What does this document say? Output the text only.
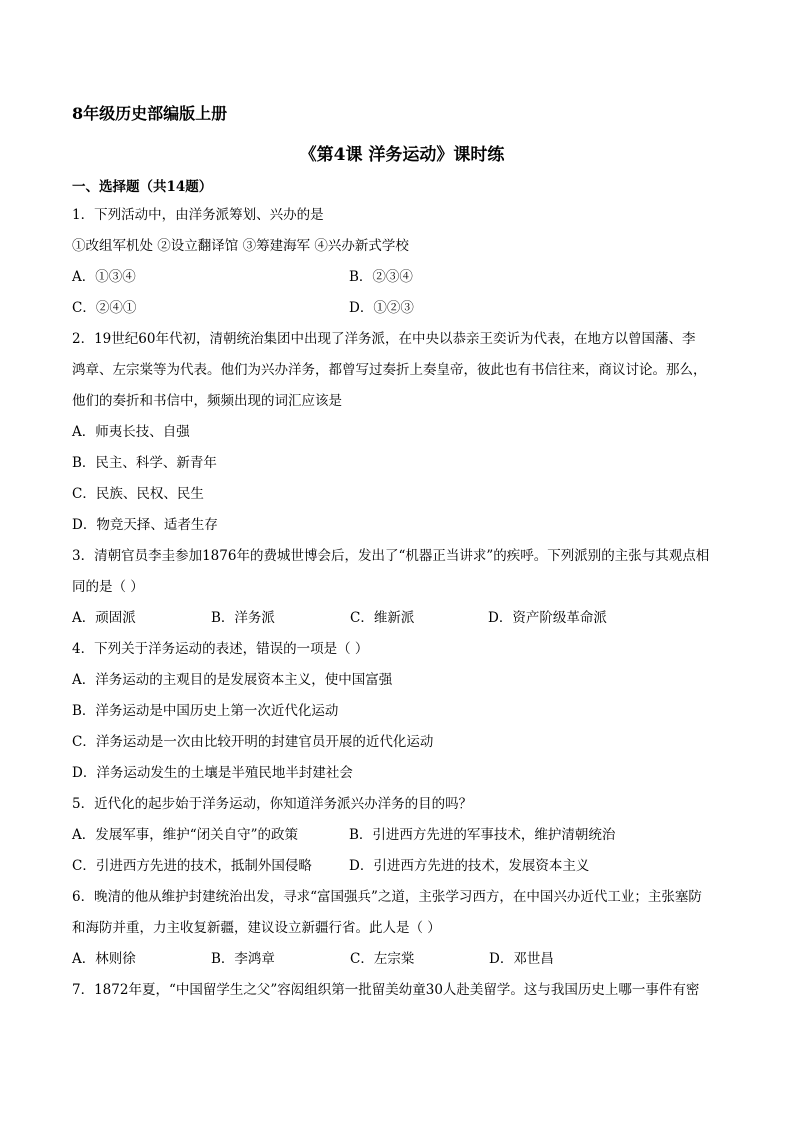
8年级历史部编版上册
《第4课 洋务运动》课时练
一、选择题（共14题）
1．下列活动中，由洋务派筹划、兴办的是
①改组军机处 ②设立翻译馆 ③筹建海军 ④兴办新式学校
A．①③④	B．②③④
C．②④①	D．①②③
2．19世纪60年代初，清朝统治集团中出现了洋务派，在中央以恭亲王奕䜣为代表，在地方以曾国藩、李
鸿章、左宗棠等为代表。他们为兴办洋务，都曾写过奏折上奏皇帝，彼此也有书信往来，商议讨论。那么，
他们的奏折和书信中，频频出现的词汇应该是
A．师夷长技、自强
B．民主、科学、新青年
C．民族、民权、民生
D．物竞天择、适者生存
3．清朝官员李圭参加1876年的费城世博会后，发出了“机器正当讲求”的疾呼。下列派别的主张与其观点相
同的是（ ）
A．顽固派	B．洋务派	C．维新派	D．资产阶级革命派
4．下列关于洋务运动的表述，错误的一项是（ ）
A．洋务运动的主观目的是发展资本主义，使中国富强
B．洋务运动是中国历史上第一次近代化运动
C．洋务运动是一次由比较开明的封建官员开展的近代化运动
D．洋务运动发生的土壤是半殖民地半封建社会
5．近代化的起步始于洋务运动，你知道洋务派兴办洋务的目的吗？
A．发展军事，维护“闭关自守”的政策	B．引进西方先进的军事技术，维护清朝统治
C．引进西方先进的技术，抵制外国侵略	D．引进西方先进的技术，发展资本主义
6．晚清的他从维护封建统治出发，寻求“富国强兵”之道，主张学习西方，在中国兴办近代工业；主张塞防
和海防并重，力主收复新疆，建议设立新疆行省。此人是（ ）
A．林则徐	B．李鸿章	C．左宗棠	D．邓世昌
7．1872年夏，“中国留学生之父”容闳组织第一批留美幼童30人赴美留学。这与我国历史上哪一事件有密
